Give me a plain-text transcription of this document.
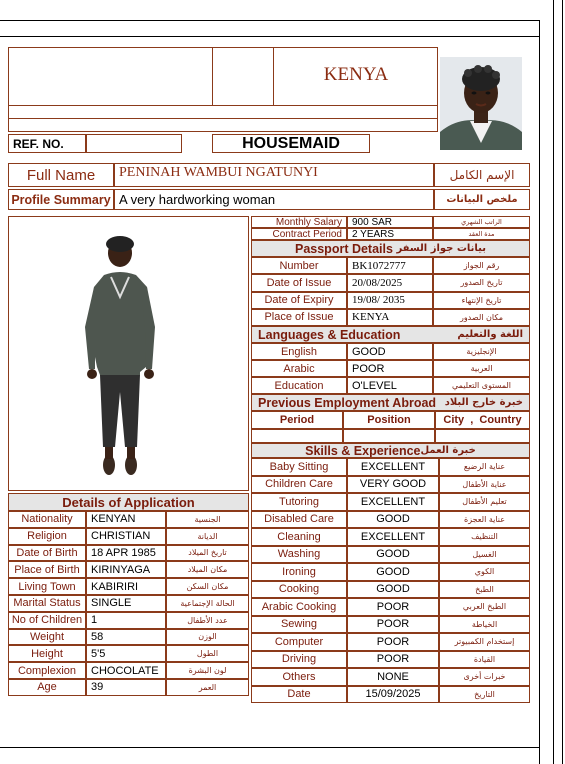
KENYA
REF. NO.	HOUSEMAID
Full Name PENINAH WAMBUI NGATUNYI	الإسم الكامل
Profile Summary A very hardworking woman	ملخص البيانات
Monthly Salary 900 SAR	الراتب الشهري
Contract Period 2 YEARS	مدة العقد
Passport Details
بيانات جواز السفر
Number	BK1072777	رقم الجواز
Date of Issue 20/08/2025	تاريخ الصدور
Date of Expiry 19/08/ 2035	تاريخ الإنتهاء
Place of Issue KENYA	مكان الصدور
Languages & Education	اللغة والتعليم
English	GOOD	الإنجليزية
Arabic	POOR	العربية
Education	O'LEVEL	المستوى التعليمي
Previous Employment Abroad خبرة خارج البلاد
Period	Position	City  ,  Country
Skills & Experience خبرة العمل
Baby Sitting	EXCELLENT	عناية الرضيع
Children Care VERY GOOD	عناية الأطفال
Tutoring	EXCELLENT	تعليم الأطفال
Disabled Care	GOOD	عناية العجزة
Cleaning	EXCELLENT	التنظيف
Washing	GOOD	الغسيل
Ironing	GOOD	الكوي
Cooking	GOOD	الطبخ
Arabic Cooking	POOR	الطبخ العربي
Sewing	POOR	الخياطة
Computer	POOR	إستخدام الكمبيوتر
Driving	POOR	القيادة
Others	NONE	خبرات أخرى
Date	15/09/2025	التاريخ
Details of Application
Nationality KENYAN	الجنسية
Religion CHRISTIAN	الديانة
Date of Birth 18 APR 1985	تاريخ الميلاد
Place of Birth KIRINYAGA	مكان الميلاد
Living Town KABIRIRI	مكان السكن
Marital Status SINGLE	الحالة الإجتماعية
No of Children 1	عدد الأطفال
Weight 58	الوزن
Height	5'5	الطول
Complexion CHOCOLATE	لون البشرة
Age	39	العمر
